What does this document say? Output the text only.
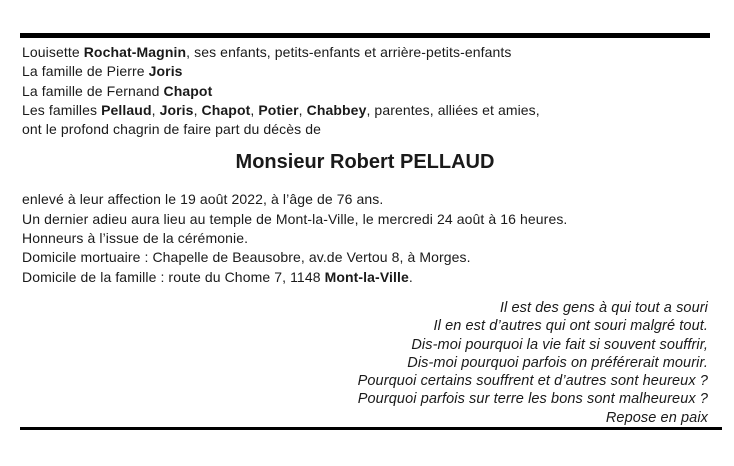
Louisette Rochat-Magnin, ses enfants, petits-enfants et arrière-petits-enfants
La famille de Pierre Joris
La famille de Fernand Chapot
Les familles Pellaud, Joris, Chapot, Potier, Chabbey, parentes, alliées et amies,
ont le profond chagrin de faire part du décès de
Monsieur Robert PELLAUD
enlevé à leur affection le 19 août 2022, à l’âge de 76 ans.
Un dernier adieu aura lieu au temple de Mont-la-Ville, le mercredi 24 août à 16 heures.
Honneurs à l’issue de la cérémonie.
Domicile mortuaire : Chapelle de Beausobre, av.de Vertou 8, à Morges.
Domicile de la famille : route du Chome 7, 1148 Mont-la-Ville.
Il est des gens à qui tout a souri
Il en est d’autres qui ont souri malgré tout.
Dis-moi pourquoi la vie fait si souvent souffrir,
Dis-moi pourquoi parfois on préférerait mourir.
Pourquoi certains souffrent et d’autres sont heureux ?
Pourquoi parfois sur terre les bons sont malheureux ?
Repose en paix
